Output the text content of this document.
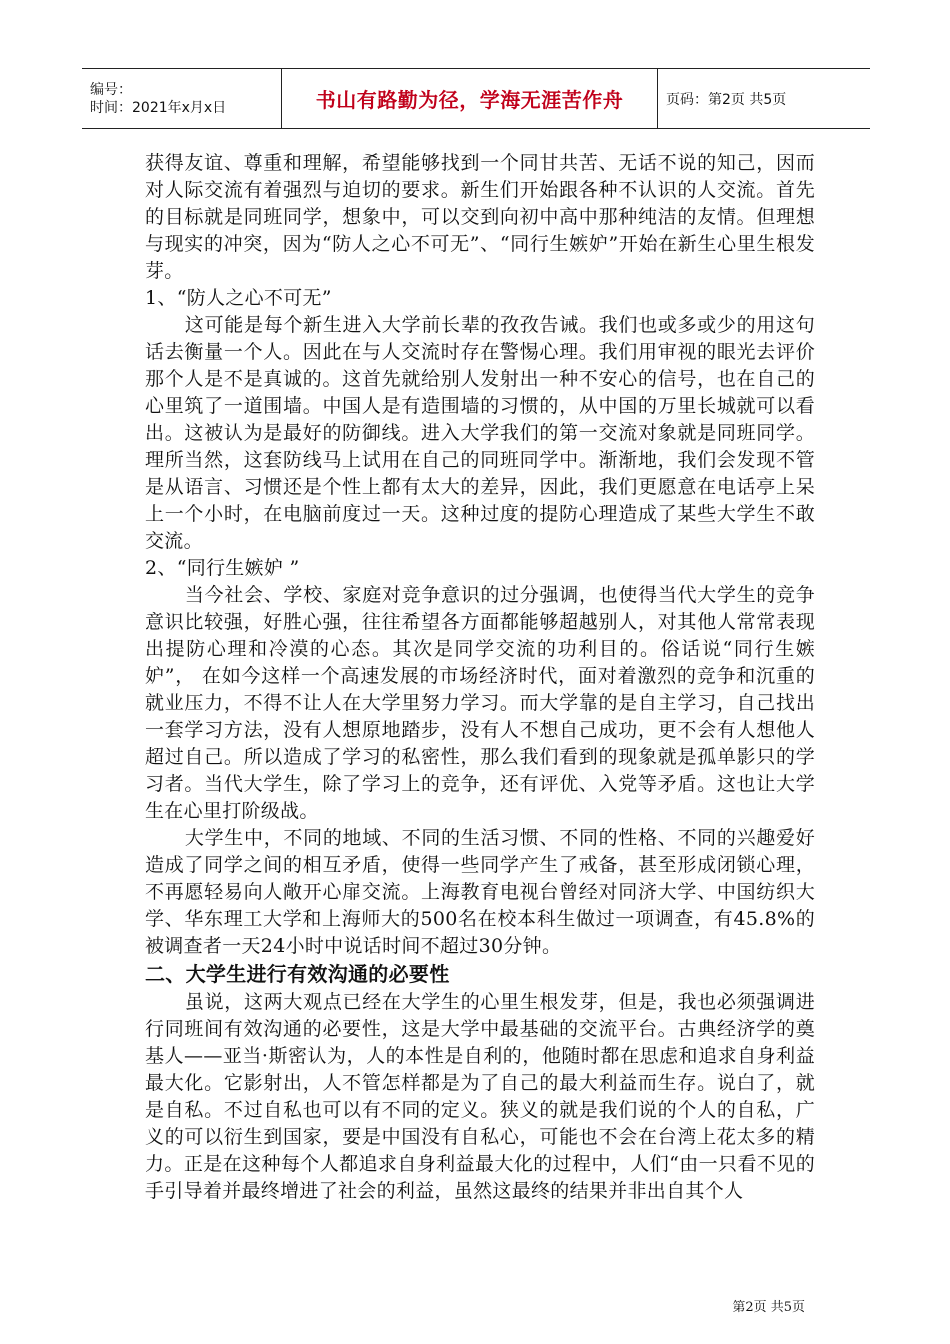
编号：
时间：2021年x月x日	书山有路勤为径，学海无涯苦作舟	页码：第2页 共5页

获得友谊、尊重和理解，希望能够找到一个同甘共苦、无话不说的知己，因而对人际交流有着强烈与迫切的要求。新生们开始跟各种不认识的人交流。首先的目标就是同班同学，想象中，可以交到向初中高中那种纯洁的友情。但理想与现实的冲突，因为“防人之心不可无”、“同行生嫉妒”开始在新生心里生根发芽。

1、“防人之心不可无”

这可能是每个新生进入大学前长辈的孜孜告诫。我们也或多或少的用这句话去衡量一个人。因此在与人交流时存在警惕心理。我们用审视的眼光去评价那个人是不是真诚的。这首先就给别人发射出一种不安心的信号，也在自己的心里筑了一道围墙。中国人是有造围墙的习惯的，从中国的万里长城就可以看出。这被认为是最好的防御线。进入大学我们的第一交流对象就是同班同学。理所当然，这套防线马上试用在自己的同班同学中。渐渐地，我们会发现不管是从语言、习惯还是个性上都有太大的差异，因此，我们更愿意在电话亭上呆上一个小时，在电脑前度过一天。这种过度的提防心理造成了某些大学生不敢交流。

2、“同行生嫉妒 ”

当今社会、学校、家庭对竞争意识的过分强调，也使得当代大学生的竞争意识比较强，好胜心强，往往希望各方面都能够超越别人，对其他人常常表现出提防心理和冷漠的心态。其次是同学交流的功利目的。俗话说“同行生嫉妒”， 在如今这样一个高速发展的市场经济时代，面对着激烈的竞争和沉重的就业压力，不得不让人在大学里努力学习。而大学靠的是自主学习，自己找出一套学习方法，没有人想原地踏步，没有人不想自己成功，更不会有人想他人超过自己。所以造成了学习的私密性，那么我们看到的现象就是孤单影只的学习者。当代大学生，除了学习上的竞争，还有评优、入党等矛盾。这也让大学生在心里打阶级战。

大学生中，不同的地域、不同的生活习惯、不同的性格、不同的兴趣爱好造成了同学之间的相互矛盾，使得一些同学产生了戒备，甚至形成闭锁心理，不再愿轻易向人敞开心扉交流。上海教育电视台曾经对同济大学、中国纺织大学、华东理工大学和上海师大的500名在校本科生做过一项调查，有45.8%的被调查者一天24小时中说话时间不超过30分钟。

二、大学生进行有效沟通的必要性

虽说，这两大观点已经在大学生的心里生根发芽，但是，我也必须强调进行同班间有效沟通的必要性，这是大学中最基础的交流平台。古典经济学的奠基人——亚当·斯密认为，人的本性是自利的，他随时都在思虑和追求自身利益最大化。它影射出，人不管怎样都是为了自己的最大利益而生存。说白了，就是自私。不过自私也可以有不同的定义。狭义的就是我们说的个人的自私，广义的可以衍生到国家，要是中国没有自私心，可能也不会在台湾上花太多的精力。正是在这种每个人都追求自身利益最大化的过程中，人们“由一只看不见的手引导着并最终增进了社会的利益，虽然这最终的结果并非出自其个人

第2页 共5页
